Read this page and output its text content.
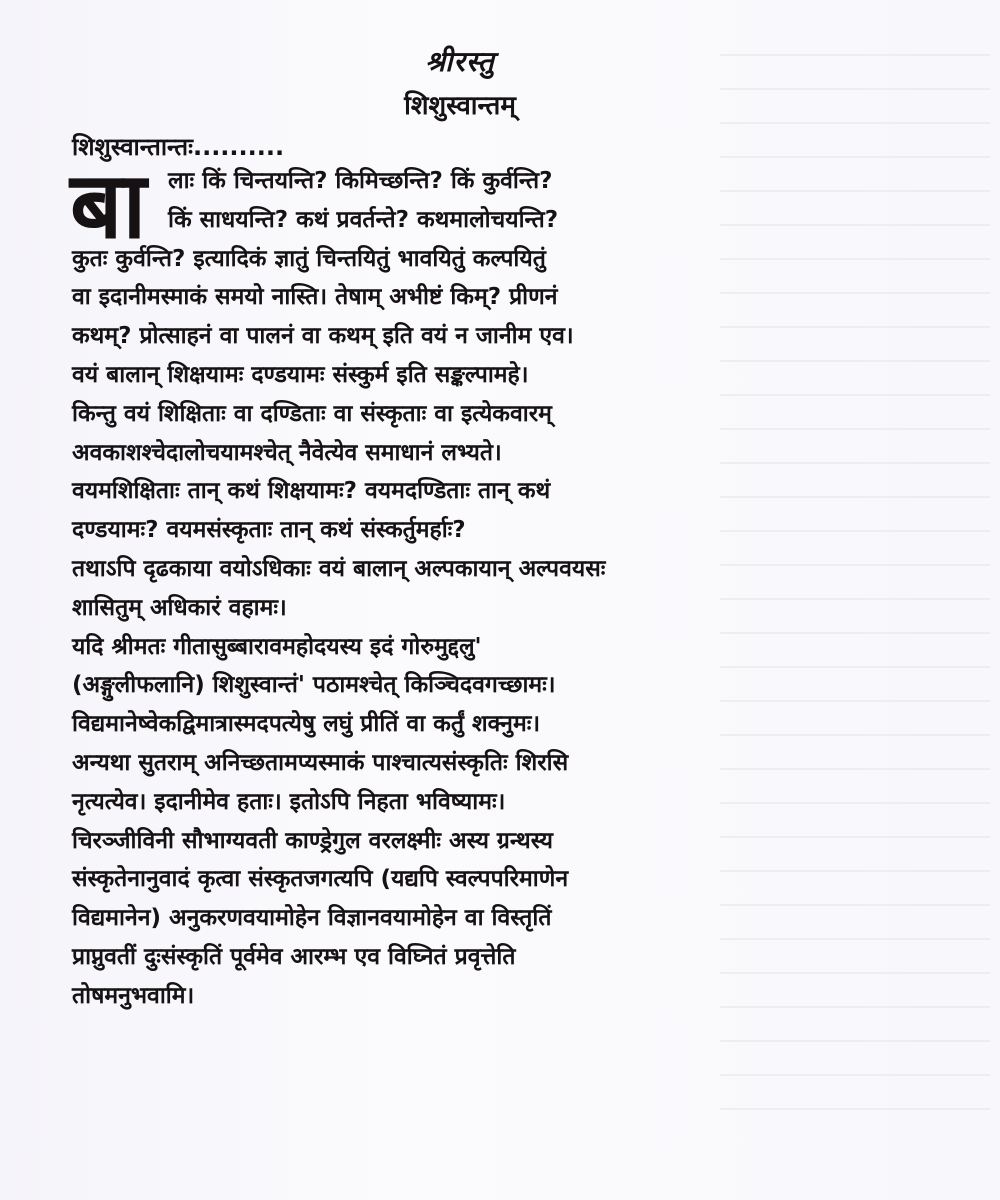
श्रीरस्तु
शिशुस्वान्तम्
शिशुस्वान्तान्तः..........
बा लाः किं चिन्तयन्ति? किमिच्छन्ति? किं कुर्वन्ति?
किं साधयन्ति? कथं प्रवर्तन्ते? कथमालोचयन्ति?
कुतः कुर्वन्ति? इत्यादिकं ज्ञातुं चिन्तयितुं भावयितुं कल्पयितुं
वा इदानीमस्माकं समयो नास्ति। तेषाम् अभीष्टं किम्? प्रीणनं
कथम्? प्रोत्साहनं वा पालनं वा कथम् इति वयं न जानीम एव।
वयं बालान् शिक्षयामः दण्डयामः संस्कुर्म इति सङ्कल्पामहे।
किन्तु वयं शिक्षिताः वा दण्डिताः वा संस्कृताः वा इत्येकवारम्
अवकाशश्चेदालोचयामश्चेत् नैवेत्येव समाधानं लभ्यते।
वयमशिक्षिताः तान् कथं शिक्षयामः? वयमदण्डिताः तान् कथं
दण्डयामः? वयमसंस्कृताः तान् कथं संस्कर्तुमर्हाः?
तथाऽपि दृढकाया वयोऽधिकाः वयं बालान् अल्पकायान् अल्पवयसः
शासितुम् अधिकारं वहामः।
यदि श्रीमतः गीतासुब्बारावमहोदयस्य इदं गोरुमुद्दलु'
(अङ्गुलीफलानि) शिशुस्वान्तं' पठामश्चेत् किञ्चिदवगच्छामः।
विद्यमानेष्वेकद्विमात्रास्मदपत्येषु लघुं प्रीतिं वा कर्तुं शक्नुमः।
अन्यथा सुतराम् अनिच्छतामप्यस्माकं पाश्चात्यसंस्कृतिः शिरसि
नृत्यत्येव। इदानीमेव हताः। इतोऽपि निहता भविष्यामः।
चिरञ्जीविनी सौभाग्यवती काण्ड्रेगुल वरलक्ष्मीः अस्य ग्रन्थस्य
संस्कृतेनानुवादं कृत्वा संस्कृतजगत्यपि (यद्यपि स्वल्पपरिमाणेन
विद्यमानेन) अनुकरणवयामोहेन विज्ञानवयामोहेन वा विस्तृतिं
प्राप्नुवतीं दुःसंस्कृतिं पूर्वमेव आरम्भ एव विघ्नितं प्रवृत्तेति
तोषमनुभवामि।
